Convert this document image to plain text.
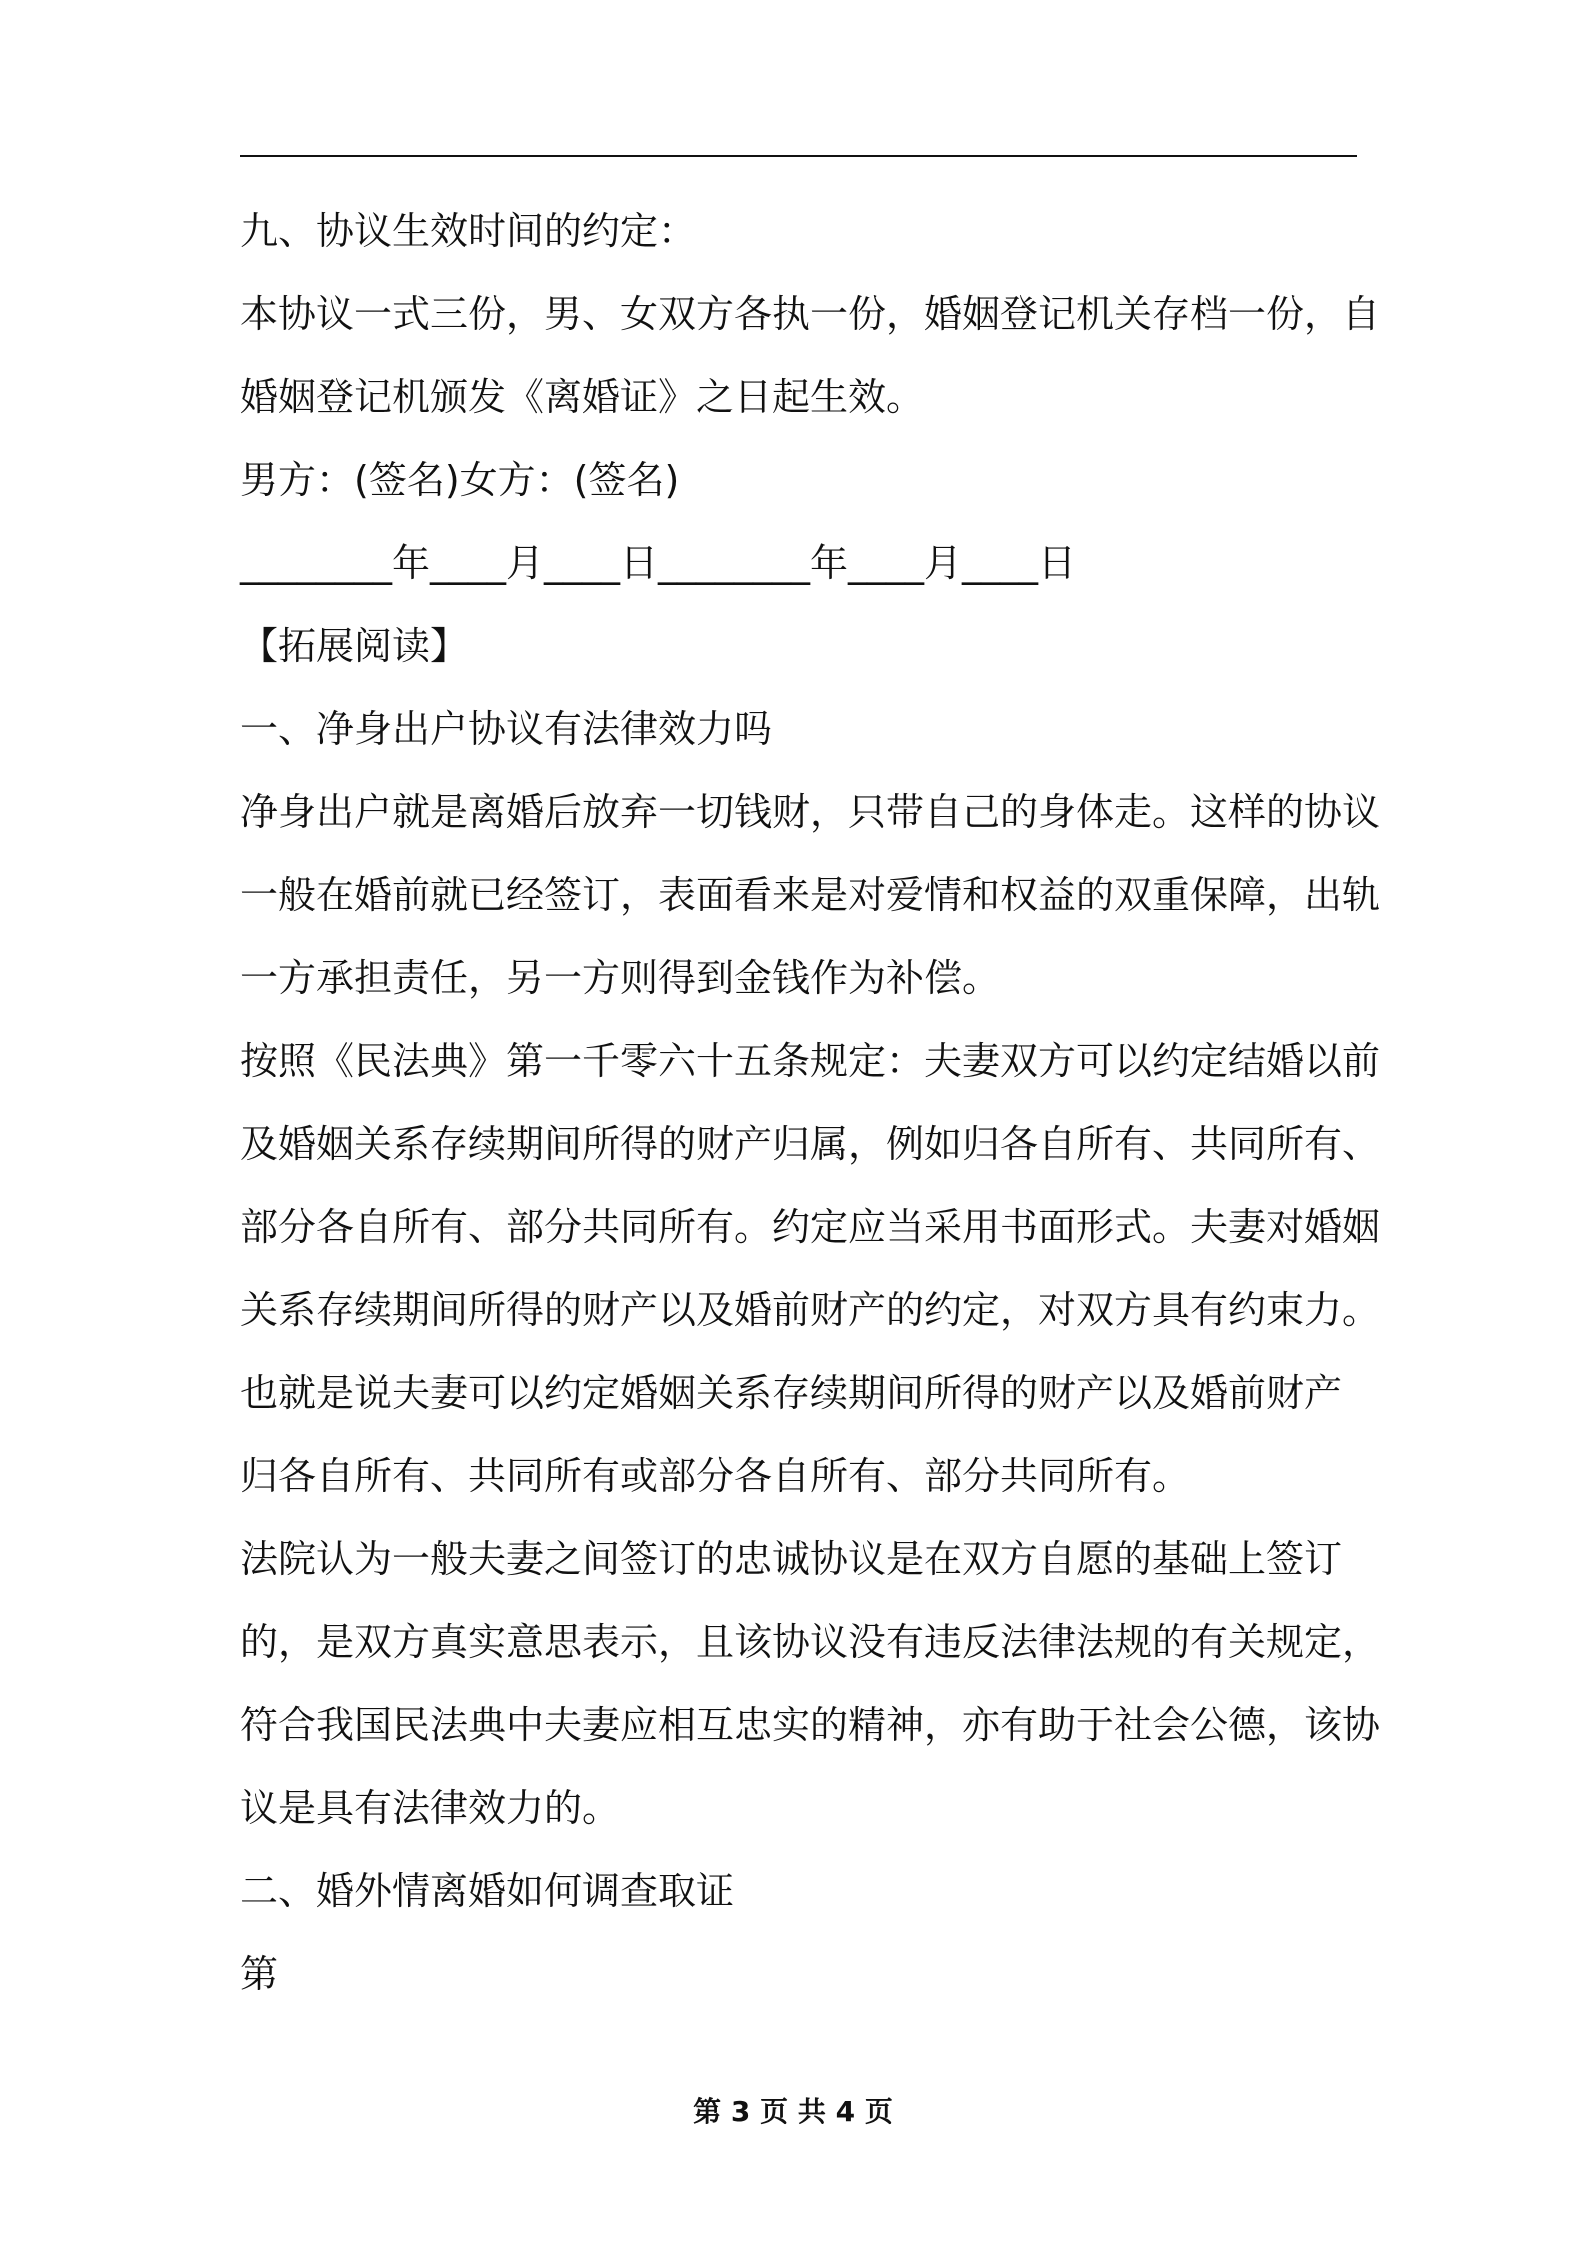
九、协议生效时间的约定：
本协议一式三份，男、女双方各执一份，婚姻登记机关存档一份，自
婚姻登记机颁发《离婚证》之日起生效。
男方：(签名)女方：(签名)
________年____月____日________年____月____日
【拓展阅读】
一、净身出户协议有法律效力吗
净身出户就是离婚后放弃一切钱财，只带自己的身体走。这样的协议
一般在婚前就已经签订，表面看来是对爱情和权益的双重保障，出轨
一方承担责任，另一方则得到金钱作为补偿。
按照《民法典》第一千零六十五条规定：夫妻双方可以约定结婚以前
及婚姻关系存续期间所得的财产归属，例如归各自所有、共同所有、
部分各自所有、部分共同所有。约定应当采用书面形式。夫妻对婚姻
关系存续期间所得的财产以及婚前财产的约定，对双方具有约束力。
也就是说夫妻可以约定婚姻关系存续期间所得的财产以及婚前财产
归各自所有、共同所有或部分各自所有、部分共同所有。
法院认为一般夫妻之间签订的忠诚协议是在双方自愿的基础上签订
的，是双方真实意思表示，且该协议没有违反法律法规的有关规定，
符合我国民法典中夫妻应相互忠实的精神，亦有助于社会公德，该协
议是具有法律效力的。
二、婚外情离婚如何调查取证
第
第 3 页 共 4 页
